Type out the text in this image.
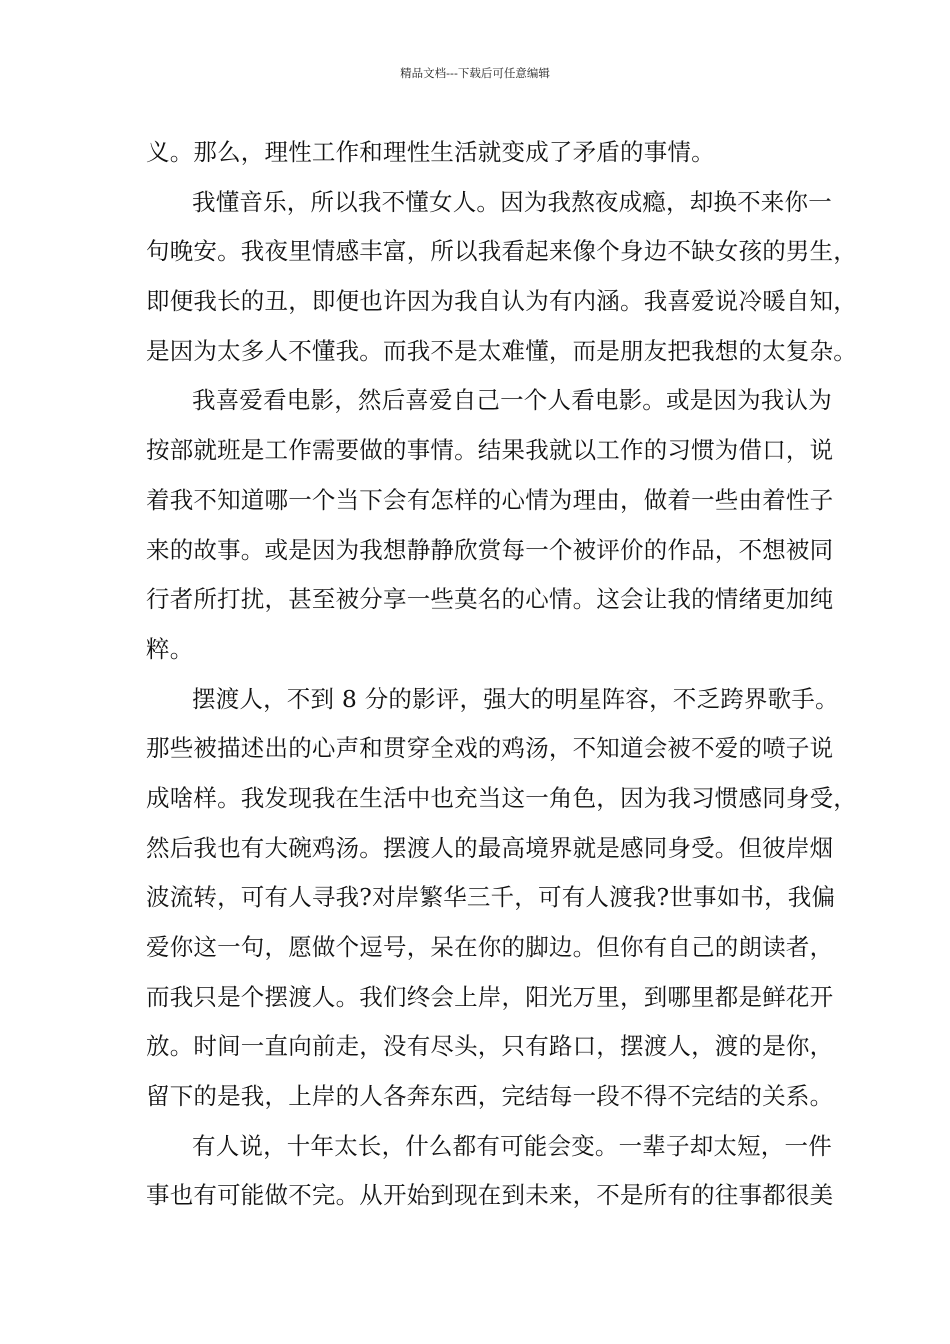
精品文档---下载后可任意编辑
义。那么，理性工作和理性生活就变成了矛盾的事情。
我懂音乐，所以我不懂女人。因为我熬夜成瘾，却换不来你一
句晚安。我夜里情感丰富，所以我看起来像个身边不缺女孩的男生，
即便我长的丑，即便也许因为我自认为有内涵。我喜爱说冷暖自知，
是因为太多人不懂我。而我不是太难懂，而是朋友把我想的太复杂。
我喜爱看电影，然后喜爱自己一个人看电影。或是因为我认为
按部就班是工作需要做的事情。结果我就以工作的习惯为借口，说
着我不知道哪一个当下会有怎样的心情为理由，做着一些由着性子
来的故事。或是因为我想静静欣赏每一个被评价的作品，不想被同
行者所打扰，甚至被分享一些莫名的心情。这会让我的情绪更加纯
粹。
摆渡人，不到 8 分的影评，强大的明星阵容，不乏跨界歌手。
那些被描述出的心声和贯穿全戏的鸡汤，不知道会被不爱的喷子说
成啥样。我发现我在生活中也充当这一角色，因为我习惯感同身受，
然后我也有大碗鸡汤。摆渡人的最高境界就是感同身受。但彼岸烟
波流转，可有人寻我?对岸繁华三千，可有人渡我?世事如书，我偏
爱你这一句，愿做个逗号，呆在你的脚边。但你有自己的朗读者，
而我只是个摆渡人。我们终会上岸，阳光万里，到哪里都是鲜花开
放。时间一直向前走，没有尽头，只有路口，摆渡人，渡的是你，
留下的是我，上岸的人各奔东西，完结每一段不得不完结的关系。
有人说，十年太长，什么都有可能会变。一辈子却太短，一件
事也有可能做不完。从开始到现在到未来，不是所有的往事都很美
